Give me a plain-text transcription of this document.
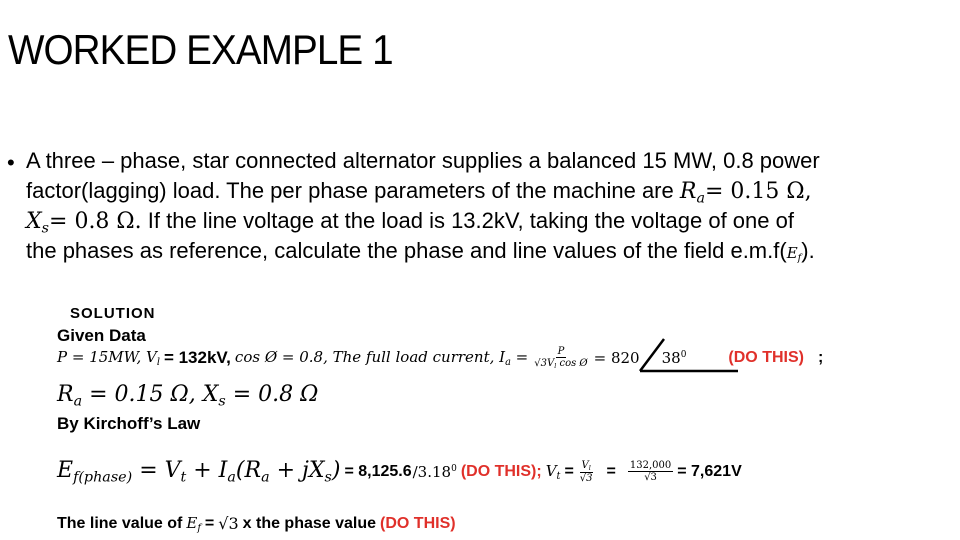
WORKED EXAMPLE 1
• A three – phase, star connected alternator supplies a balanced 15 MW, 0.8 power
factor(lagging) load. The per phase parameters of the machine are $R_a= 0.15$ Ω,
$X_s= 0.8$ Ω. If the line voltage at the load is 13.2kV, taking the voltage of one of
the phases as reference, calculate the phase and line values of the field $e.m.f(E_f)$.
SOLUTION
Given Data
P = 15MW, $V_l = 132kV$, cos Ø = 0.8, The full load current, $I_a = \frac{P}{√3V_l \cos Ø} = 820$	$38^0$	(DO THIS) ;
$R_a = 0.15$ Ω, $X_s = 0.8$ Ω
By Kirchoff’s Law
$E_{f(phase)} = V_t + I_a(R_a + jX_s) = 8,125.6$ /3.18$^0$ (DO THIS); $V_t = \frac{V_l}{√3} = \frac{132,000}{√3} = 7,621V$
The line value of $E_f = √3$ x the phase value (DO THIS)
